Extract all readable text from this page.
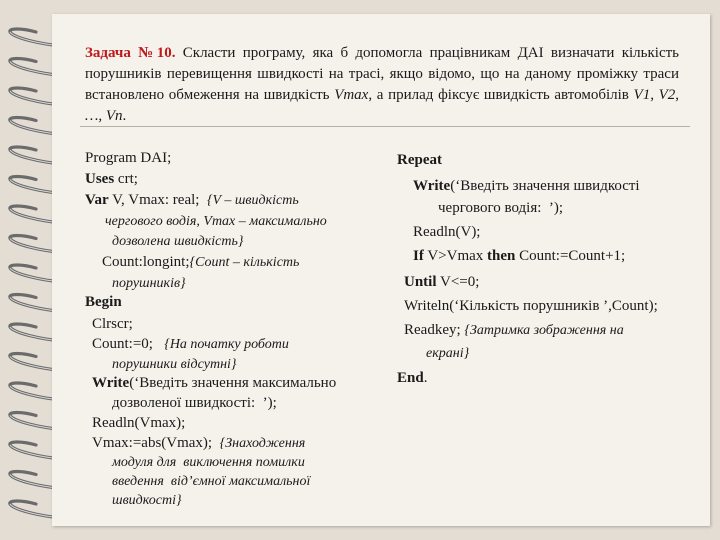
Задача №10. Скласти програму, яка б допомогла працівникам ДАІ визначати кількість порушників перевищення швидкості на трасі, якщо відомо, що на даному проміжку траси встановлено обмеження на швидкість Vmax, а прилад фіксує швидкість автомобілів V1, V2, …, Vn.

Program DAI;

Uses crt;

Var V, Vmax: real;  {V – швидкість

чергового водія, Vmax – максимально

дозволена швидкість}

Count:longint;{Count – кількість

порушників}

Begin

Clrscr;

Count:=0;   {На початку роботи

порушники відсутні}

Write(‘Введіть значення максимально

дозволеної швидкості:  ’);

Readln(Vmax);

Vmax:=abs(Vmax);  {Знаходження

модуля для  виключення помилки

введення  від’ємної максимальної

швидкості}

Repeat

Write(‘Введіть значення швидкості

чергового водія:  ’);

Readln(V);

If V>Vmax then Count:=Count+1;

Until V<=0;

Writeln(‘Кількість порушників ’,Count);

Readkey; {Затримка зображення на

екрані}

End.
